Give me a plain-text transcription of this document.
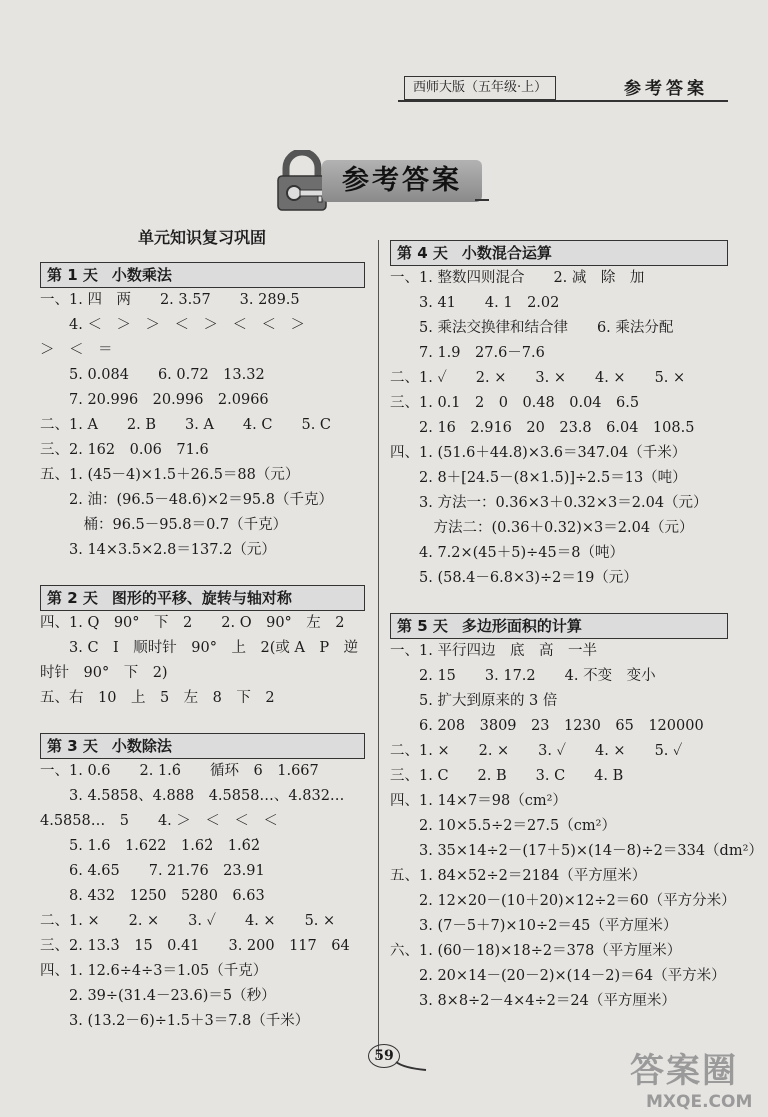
西师大版（五年级·上）	参考答案
参考答案
单元知识复习巩固
第 1 天 小数乘法
一、1. 四　两　　2. 3.57　　3. 289.5
　　4. ＜　＞　＞　＜　＞　＜　＜　＞
＞　＜　＝
　　5. 0.084　　6. 0.72　13.32
　　7. 20.996　20.996　2.0966
二、1. A　　2. B　　3. A　　4. C　　5. C
三、2. 162　0.06　71.6
五、1. (45－4)×1.5＋26.5＝88（元）
　　2. 油：(96.5－48.6)×2＝95.8（千克）
　　　桶：96.5－95.8＝0.7（千克）
　　3. 14×3.5×2.8＝137.2（元）
第 2 天 图形的平移、旋转与轴对称
四、1. Q　90°　下　2　　2. O　90°　左　2
　　3. C　I　顺时针　90°　上　2(或 A　P　逆
时针　90°　下　2)
五、右　10　上　5　左　8　下　2
第 3 天 小数除法
一、1. 0.6　　2. 1.6̇　　循环　6　1.667
　　3. 4.5858、4.888　4.5858…、4.832…
4.5858…　5　　4. ＞　＜　＜　＜
　　5. 1.6　1.622　1.62̇　1.6̇2̇
　　6. 4.65　　7. 21.76　23.91
　　8. 432　1250　5280　6.63
二、1. ×　　2. ×　　3. ✓　　4. ×　　5. ×
三、2. 13.3̇　15　0.41　　3. 200　117　64
四、1. 12.6÷4÷3＝1.05（千克）
　　2. 39÷(31.4－23.6)＝5（秒）
　　3. (13.2－6)÷1.5＋3＝7.8（千米）
第 4 天 小数混合运算
一、1. 整数四则混合　　2. 减　除　加
　　3. 41　　4. 1　2.02
　　5. 乘法交换律和结合律　　6. 乘法分配
　　7. 1.9　27.6－7.6
二、1. ✓　　2. ×　　3. ×　　4. ×　　5. ×
三、1. 0.1　2　0　0.48　0.04　6.5
　　2. 16　2.916　20　23.8　6.04　108.5
四、1. (51.6＋44.8)×3.6＝347.04（千米）
　　2. 8＋[24.5－(8×1.5)]÷2.5＝13（吨）
　　3. 方法一：0.36×3＋0.32×3＝2.04（元）
　　　方法二：(0.36＋0.32)×3＝2.04（元）
　　4. 7.2×(45＋5)÷45＝8（吨）
　　5. (58.4－6.8×3)÷2＝19（元）
第 5 天 多边形面积的计算
一、1. 平行四边　底　高　一半
　　2. 15　　3. 17.2　　4. 不变　变小
　　5. 扩大到原来的 3 倍
　　6. 208　3809　23　1230　65　120000
二、1. ×　　2. ×　　3. ✓　　4. ×　　5. ✓
三、1. C　　2. B　　3. C　　4. B
四、1. 14×7＝98（cm²）
　　2. 10×5.5÷2＝27.5（cm²）
　　3. 35×14÷2－(17＋5)×(14－8)÷2＝334（dm²）
五、1. 84×52÷2＝2184（平方厘米）
　　2. 12×20－(10＋20)×12÷2＝60（平方分米）
　　3. (7－5＋7)×10÷2＝45（平方厘米）
六、1. (60－18)×18÷2＝378（平方厘米）
　　2. 20×14－(20－2)×(14－2)＝64（平方米）
　　3. 8×8÷2－4×4÷2＝24（平方厘米）
59	答案圈
MXQE.COM
